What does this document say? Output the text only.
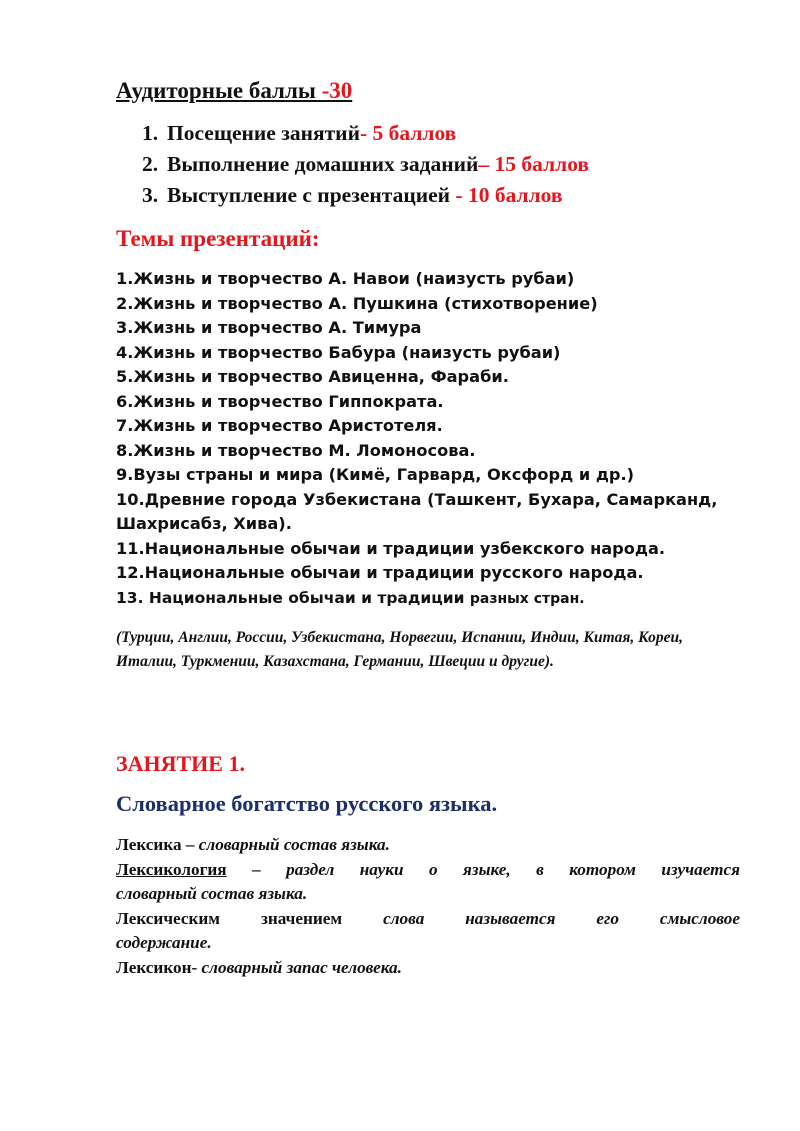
Аудиторные баллы -30
1. Посещение занятий- 5 баллов
2. Выполнение домашних заданий– 15 баллов
3. Выступление с презентацией - 10 баллов
Темы презентаций:
1.Жизнь и творчество А. Навои (наизусть рубаи)
2.Жизнь и творчество А. Пушкина (стихотворение)
3.Жизнь и творчество А. Тимура
4.Жизнь и творчество Бабура (наизусть рубаи)
5.Жизнь и творчество Авиценна, Фараби.
6.Жизнь и творчество Гиппократа.
7.Жизнь и творчество Аристотеля.
8.Жизнь и творчество М. Ломоносова.
9.Вузы страны и мира (Кимё, Гарвард, Оксфорд и др.)
10.Древние города Узбекистана (Ташкент, Бухара, Самарканд,
Шахрисабз, Хива).
11.Национальные обычаи и традиции узбекского народа.
12.Национальные обычаи и традиции русского народа.
13. Национальные обычаи и традиции разных стран.
(Турции, Англии, России, Узбекистана, Норвегии, Испании, Индии, Китая, Кореи, Италии, Туркмении, Казахстана, Германии, Швеции и другие).
ЗАНЯТИЕ 1.
Словарное богатство русского языка.

Лексика – словарный состав языка.

Лексикология – раздел науки о языке, в котором изучается

словарный состав языка.

Лексическим значением слова называется его смысловое

содержание.

Лексикон- словарный запас человека.
